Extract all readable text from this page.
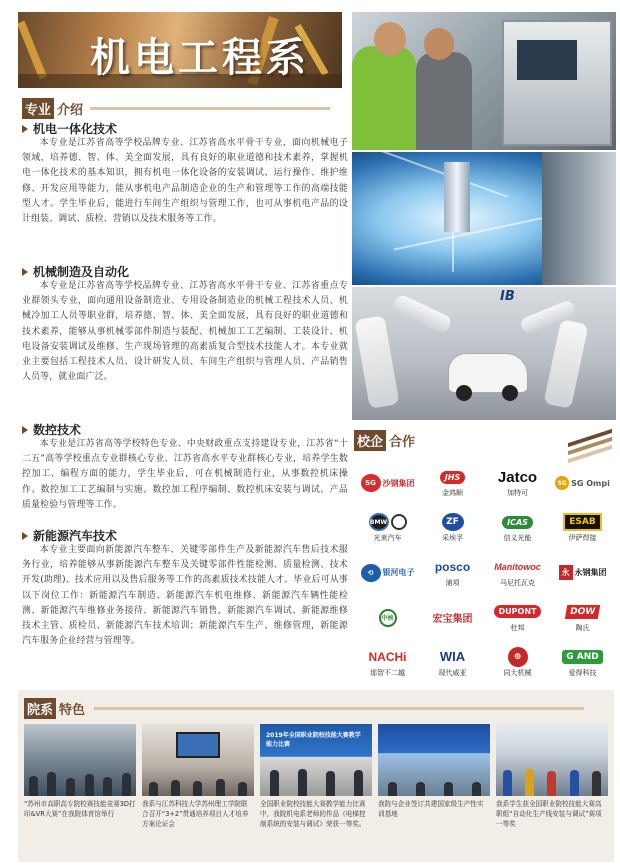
机电工程系
IB
专业 介绍
机电一体化技术
本专业是江苏省高等学校品牌专业、江苏省高水平骨干专业，面向机械电子领域，培养德、智、体、美全面发展，具有良好的职业道德和技术素养，掌握机电一体化技术的基本知识，拥有机电一体化设备的安装调试、运行操作、维护维修、开发应用等能力，能从事机电产品制造企业的生产和管理等工作的高端技能型人才。学生毕业后，能进行车间生产组织与管理工作，也可从事机电产品的设计组装、调试、质检、营销以及技术服务等工作。
机械制造及自动化
本专业是江苏省高等学校品牌专业、江苏省高水平骨干专业、江苏省重点专业群领头专业，面向通用设备制造业、专用设备制造业的机械工程技术人员、机械冷加工人员等职业群，培养德、智、体、美全面发展，具有良好的职业道德和技术素养，能够从事机械零部件制造与装配、机械加工工艺编制、工装设计、机电设备安装调试及维修、生产现场管理的高素质复合型技术技能人才。本专业就业主要包括工程技术人员、设计研发人员、车间生产组织与管理人员、产品销售人员等，就业面广泛。
数控技术
本专业是江苏省高等学校特色专业、中央财政重点支持建设专业，江苏省“十二五”高等学校重点专业群核心专业、江苏省高水平专业群核心专业，培养学生数控加工、编程方面的能力，学生毕业后，可在机械制造行业，从事数控机床操作、数控加工工艺编制与实施、数控加工程序编制、数控机床安装与调试、产品质量检验与管理等工作。
新能源汽车技术
本专业主要面向新能源汽车整车、关键零部件生产及新能源汽车售后技术服务行业，培养能够从事新能源汽车整车及关键零部件性能检测、质量检测、技术开发(助理)、技术应用以及售后服务等工作的高素质技术技能人才。毕业后可从事以下岗位工作：新能源汽车制造、新能源汽车机电维修、新能源汽车辆性能检测、新能源汽车维修业务接待、新能源汽车销售，新能源汽车调试、新能源维修技术主管、质检员、新能源汽车技术培训；新能源汽车生产、维修管理，新能源汽车服务企业经营与管理等。
校企 合作
SG 沙钢集团
JHS
金鸿顺
Jatco
加特可
SG SG Ompi
BMW
光束汽车
ZF
采埃孚
ICAS
信义光能
ESAB
伊萨焊接
⟲	银河电子 posco
浦项
Manitowoc
马尼托瓦克
永 永钢集团
中核	宏宝集团
DUPONT
杜邦
DOW
陶氏
NACHi
那智不二越
WIA
现代威亚
⊕
同大机械
G AND
爱得科技
院系 特色
“苏州市高职高专院校赛技能竞赛3D打印&VR大赛”在我院体育馆举行
我系与江苏科技大学苏州理工学院联合召开“3+2”贯通培养项目人才培养方案论证会
2019年全国职业院校技能大赛教学能力比赛
全国职业院校技能大赛教学能力比赛中，我院机电系老师的作品《电梯控制系统的安装与调试》荣获一等奖。
我院与企业签订共建国家级生产性实训基地
我系学生获全国职业院校技能大赛高职组“自动化生产线安装与调试”赛项一等奖
